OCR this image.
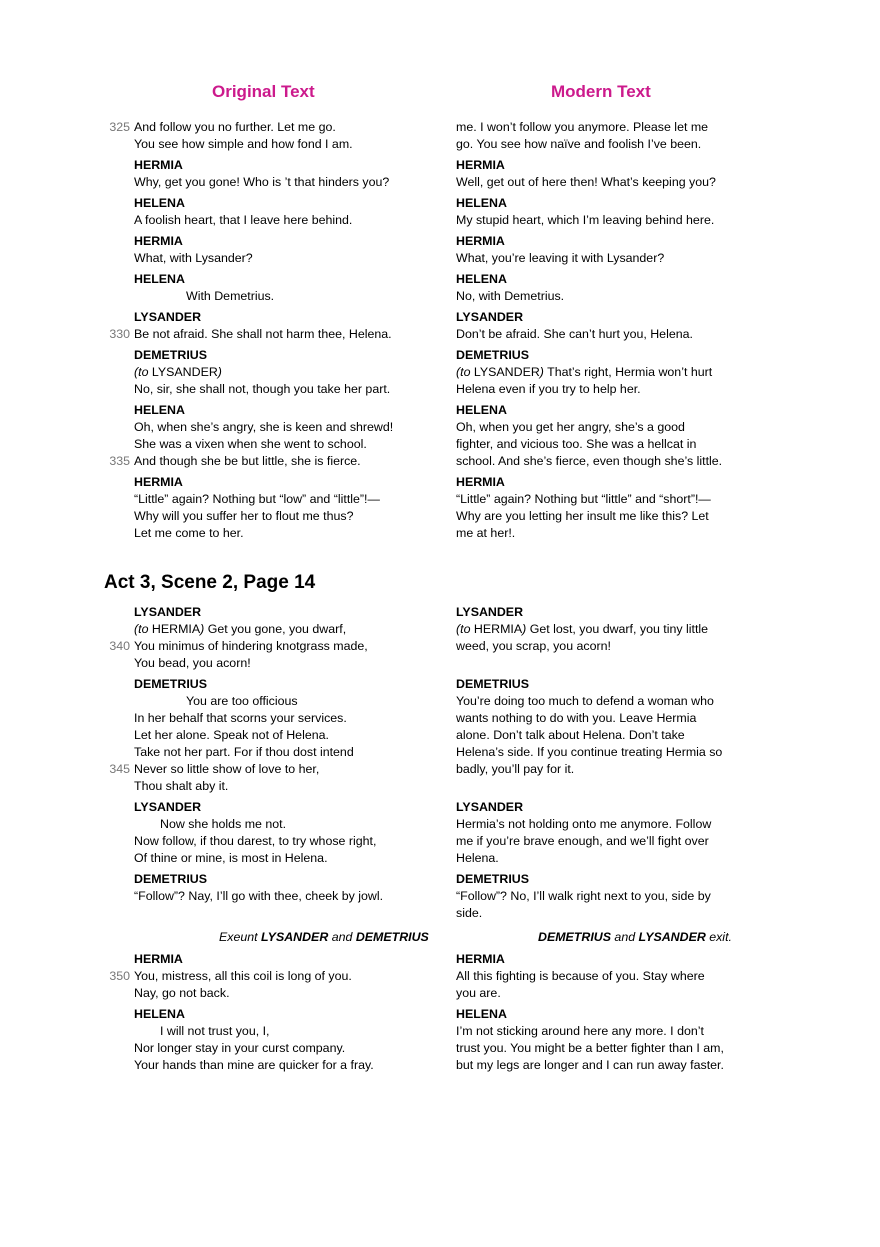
Original Text	Modern Text
325 And follow you no further. Let me go.
You see how simple and how fond I am.
me. I won’t follow you anymore. Please let me
go. You see how naïve and foolish I’ve been.
HERMIA
Why, get you gone! Who is ’t that hinders you?
HERMIA
Well, get out of here then! What’s keeping you?
HELENA
A foolish heart, that I leave here behind.
HELENA
My stupid heart, which I’m leaving behind here.
HERMIA
What, with Lysander?
HERMIA
What, you’re leaving it with Lysander?
HELENA
With Demetrius.
HELENA
No, with Demetrius.
LYSANDER
330 Be not afraid. She shall not harm thee, Helena.
LYSANDER
Don’t be afraid. She can’t hurt you, Helena.
DEMETRIUS
(to LYSANDER)
No, sir, she shall not, though you take her part.
DEMETRIUS
(to LYSANDER) That’s right, Hermia won’t hurt
Helena even if you try to help her.
HELENA
Oh, when she’s angry, she is keen and shrewd!
She was a vixen when she went to school.
335 And though she be but little, she is fierce.
HELENA
Oh, when you get her angry, she’s a good
fighter, and vicious too. She was a hellcat in
school. And she’s fierce, even though she’s little.
HERMIA
“Little” again? Nothing but “low” and “little”!—
Why will you suffer her to flout me thus?
Let me come to her.
HERMIA
“Little” again? Nothing but “little” and “short”!—
Why are you letting her insult me like this? Let
me at her!.
Act 3, Scene 2, Page 14
LYSANDER
(to HERMIA) Get you gone, you dwarf,
340 You minimus of hindering knotgrass made,
You bead, you acorn!
LYSANDER
(to HERMIA) Get lost, you dwarf, you tiny little
weed, you scrap, you acorn!
DEMETRIUS
You are too officious
In her behalf that scorns your services.
Let her alone. Speak not of Helena.
Take not her part. For if thou dost intend
345 Never so little show of love to her,
Thou shalt aby it.
DEMETRIUS
You’re doing too much to defend a woman who
wants nothing to do with you. Leave Hermia
alone. Don’t talk about Helena. Don’t take
Helena’s side. If you continue treating Hermia so
badly, you’ll pay for it.
LYSANDER
Now she holds me not.
Now follow, if thou darest, to try whose right,
Of thine or mine, is most in Helena.
LYSANDER
Hermia’s not holding onto me anymore. Follow
me if you’re brave enough, and we’ll fight over
Helena.
DEMETRIUS
“Follow”? Nay, I’ll go with thee, cheek by jowl.
DEMETRIUS
“Follow”? No, I’ll walk right next to you, side by
side.
Exeunt LYSANDER and DEMETRIUS	DEMETRIUS and LYSANDER exit.
HERMIA
350 You, mistress, all this coil is long of you.
Nay, go not back.
HERMIA
All this fighting is because of you. Stay where
you are.
HELENA
I will not trust you, I,
Nor longer stay in your curst company.
Your hands than mine are quicker for a fray.
HELENA
I’m not sticking around here any more. I don’t
trust you. You might be a better fighter than I am,
but my legs are longer and I can run away faster.
